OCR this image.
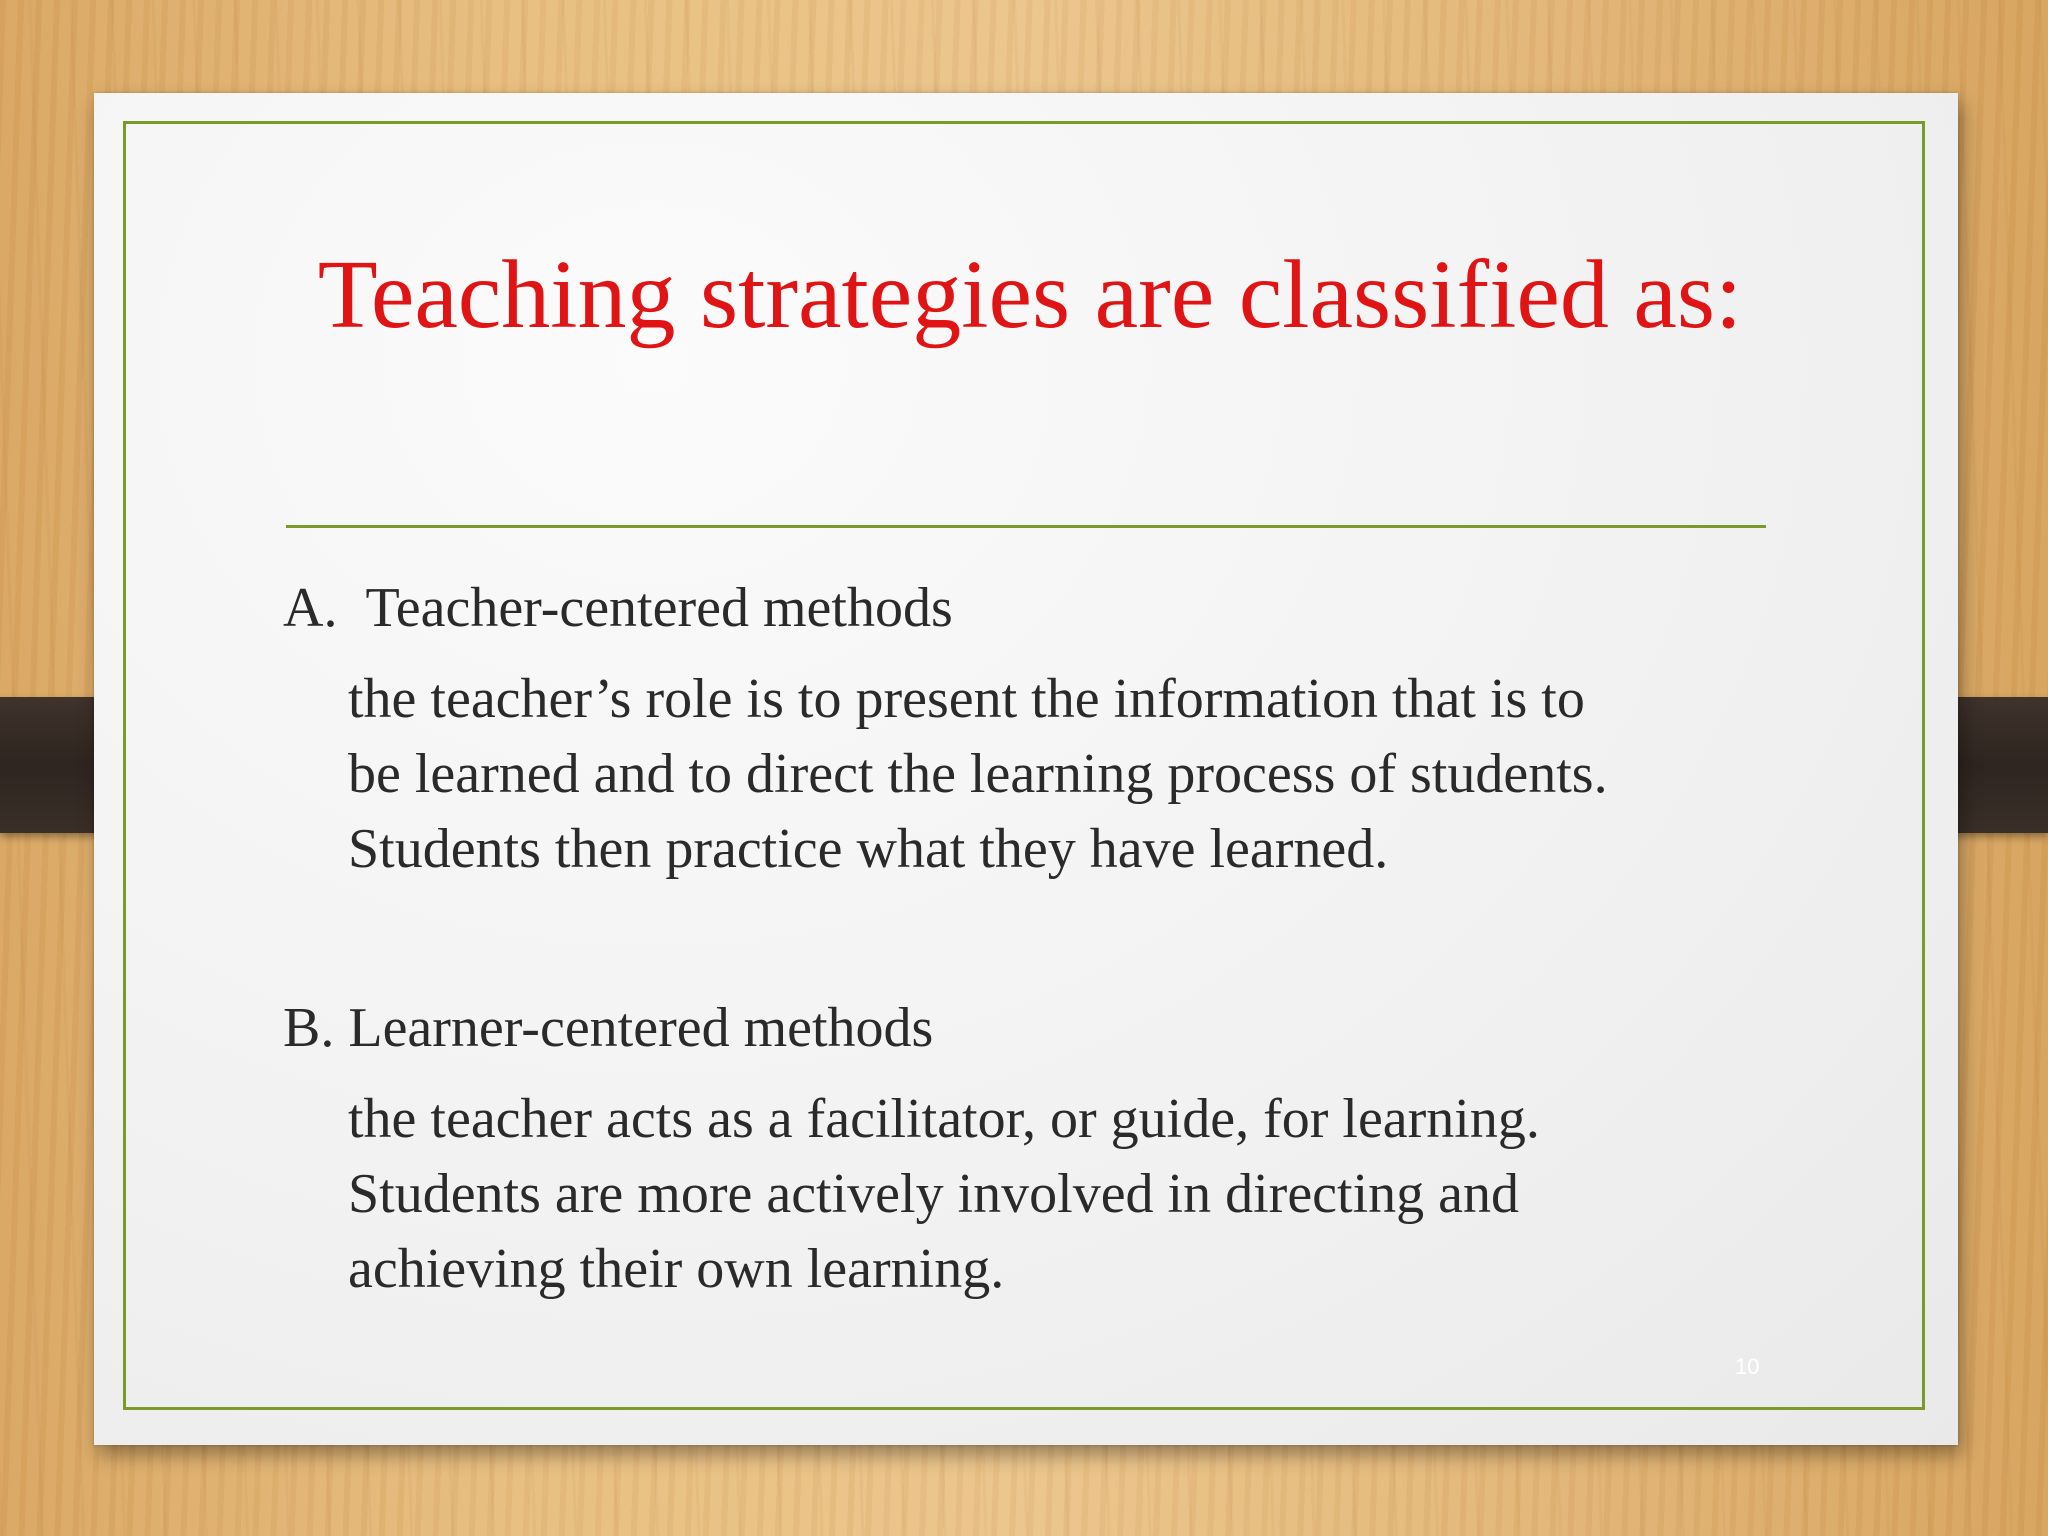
Teaching strategies are classified as:
A. Teacher-centered methods
the teacher’s role is to present the information that is to
be learned and to direct the learning process of students.
Students then practice what they have learned.
B. Learner-centered methods
the teacher acts as a facilitator, or guide, for learning.
Students are more actively involved in directing and
achieving their own learning.
10
